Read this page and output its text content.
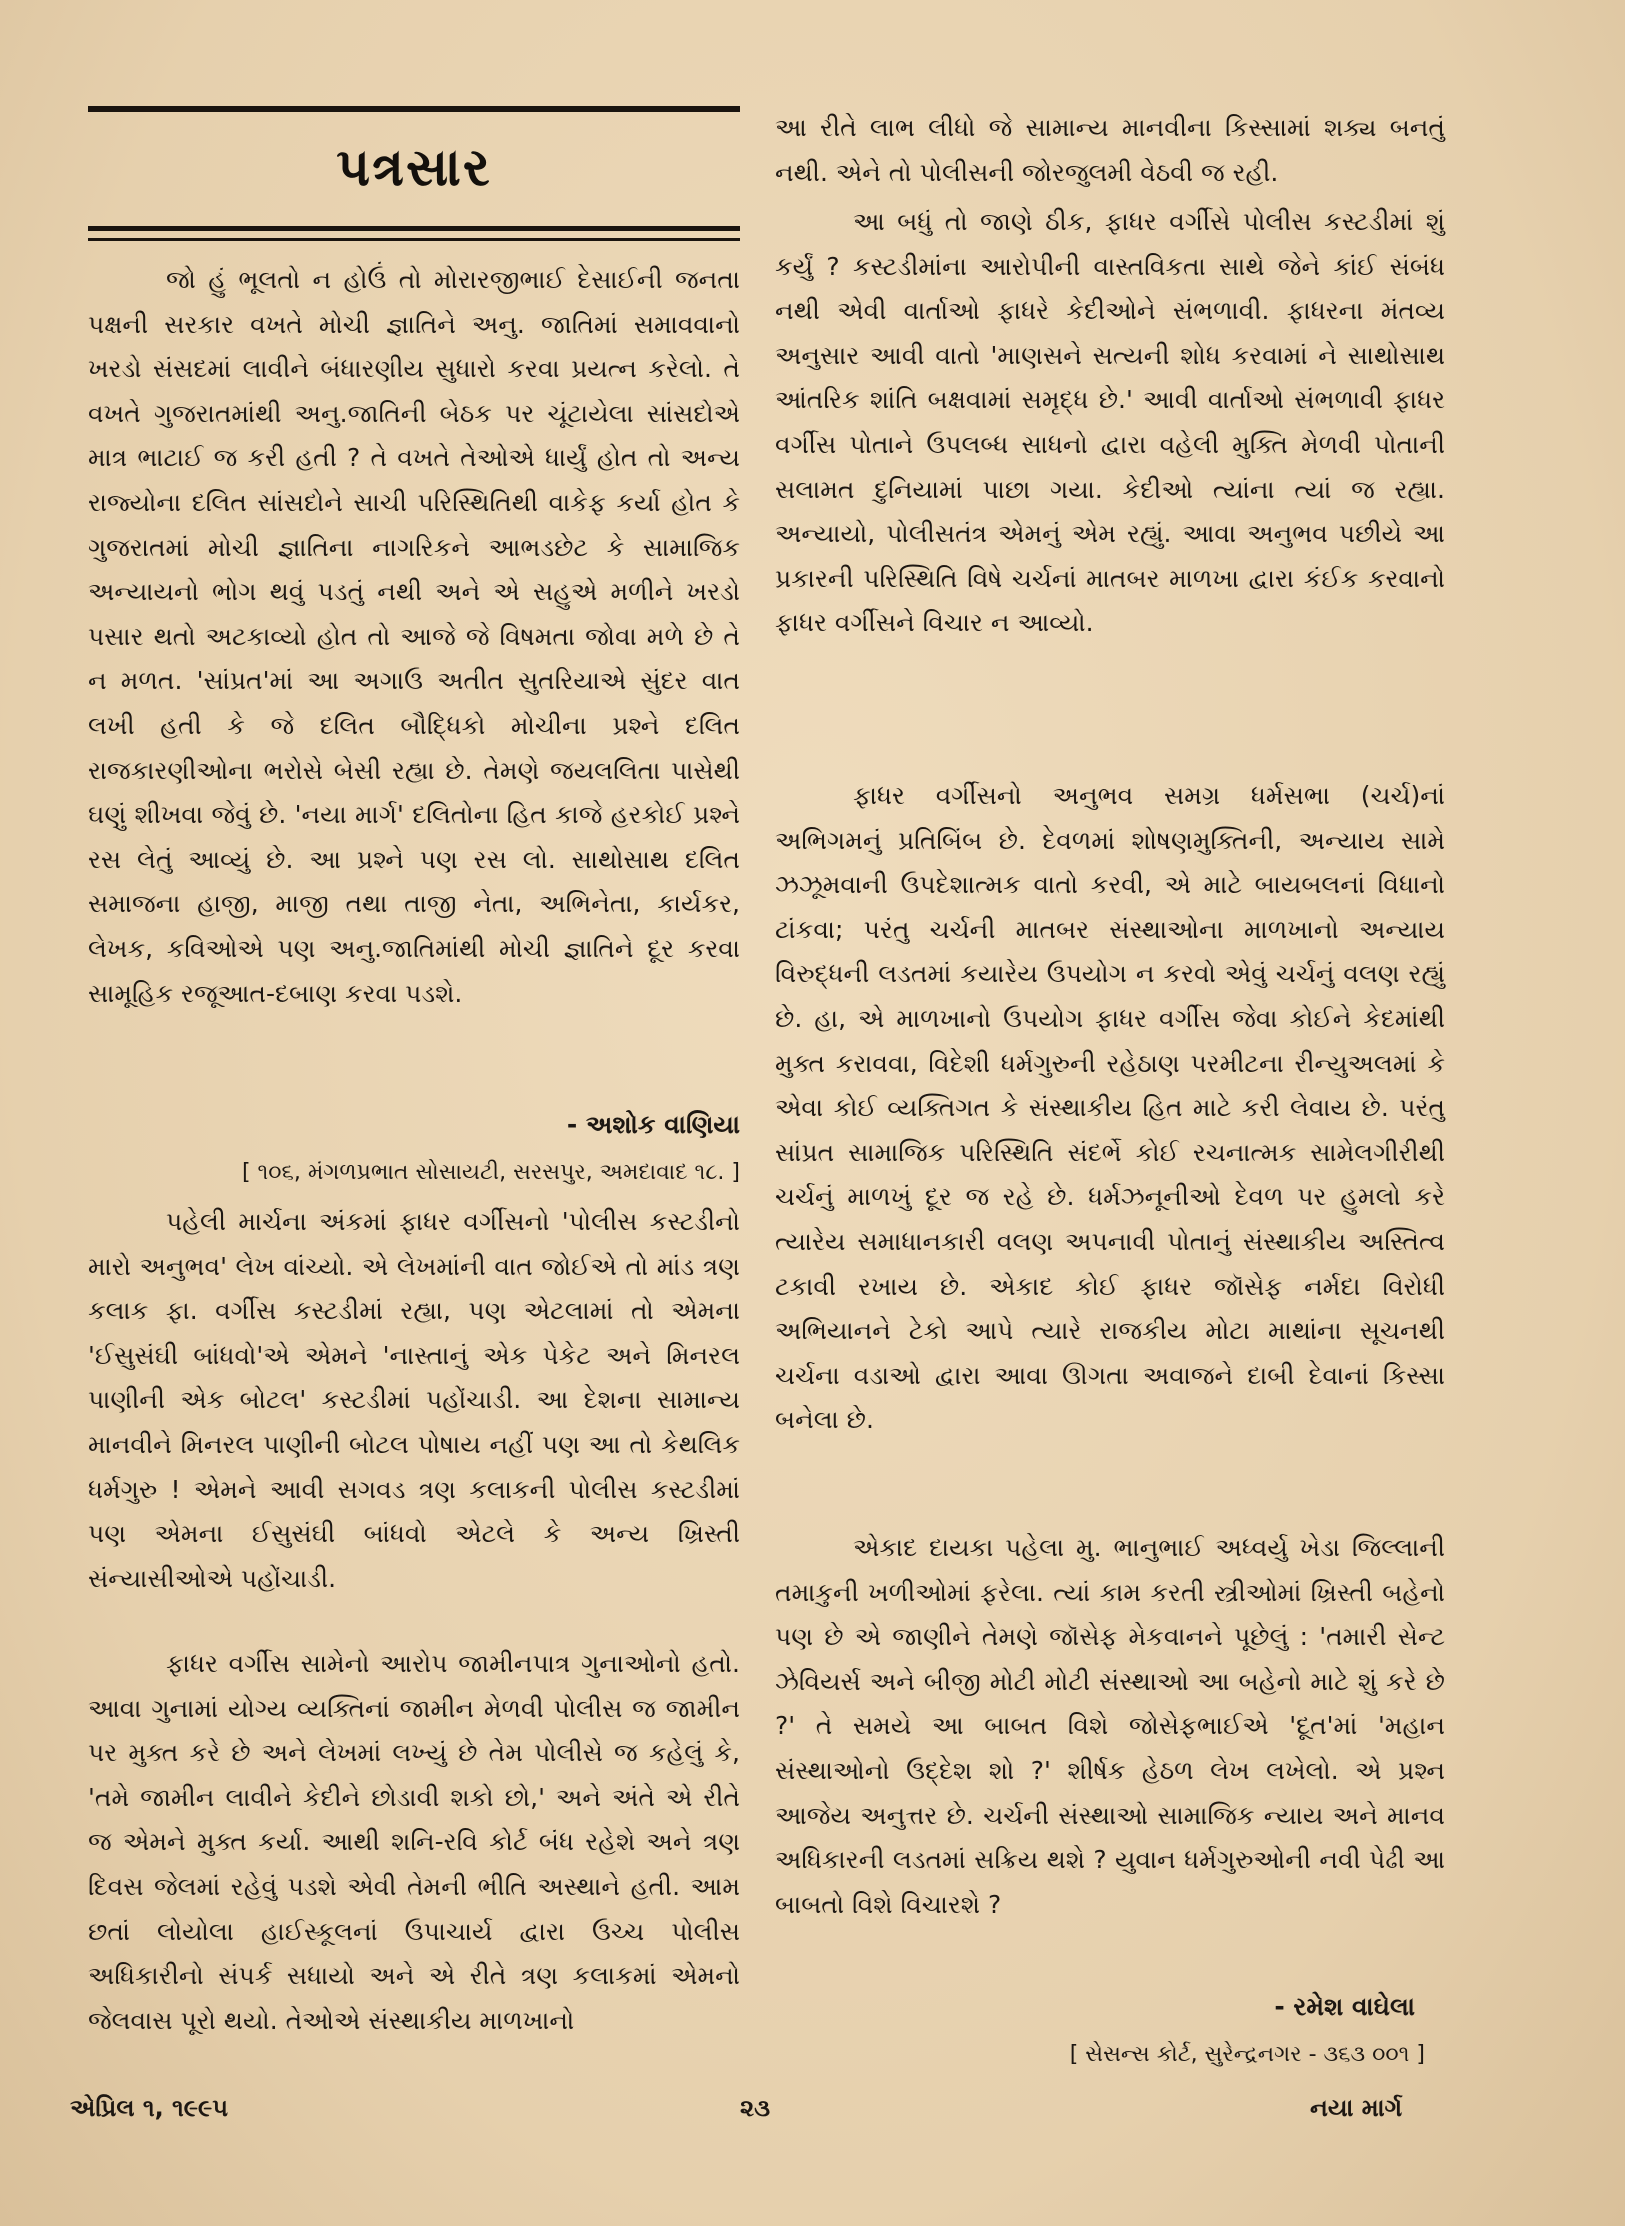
પત્રસાર

જો હું ભૂલતો ન હોઉં તો મોરારજીભાઈ દેસાઈની જનતા પક્ષની સરકાર વખતે મોચી જ્ઞાતિને અનુ. જાતિમાં સમાવવાનો ખરડો સંસદમાં લાવીને બંધારણીય સુધારો કરવા પ્રયત્ન કરેલો. તે વખતે ગુજરાતમાંથી અનુ.જાતિની બેઠક પર ચૂંટાયેલા સાંસદોએ માત્ર ભાટાઈ જ કરી હતી ? તે વખતે તેઓએ ધાર્યું હોત તો અન્ય રાજ્યોના દલિત સાંસદોને સાચી પરિસ્થિતિથી વાકેફ કર્યા હોત કે ગુજરાતમાં મોચી જ્ઞાતિના નાગરિકને આભડછેટ કે સામાજિક અન્યાયનો ભોગ થવું પડતું નથી અને એ સહુએ મળીને ખરડો પસાર થતો અટકાવ્યો હોત તો આજે જે વિષમતા જોવા મળે છે તે ન મળત. 'સાંપ્રત'માં આ અગાઉ અતીત સુતરિયાએ સુંદર વાત લખી હતી કે જે દલિત બૌદ્ધિકો મોચીના પ્રશ્ને દલિત રાજકારણીઓના ભરોસે બેસી રહ્યા છે. તેમણે જયલલિતા પાસેથી ઘણું શીખવા જેવું છે. 'નયા માર્ગ' દલિતોના હિત કાજે હરકોઈ પ્રશ્ને રસ લેતું આવ્યું છે. આ પ્રશ્ને પણ રસ લો. સાથોસાથ દલિત સમાજના હાજી, માજી તથા તાજી નેતા, અભિનેતા, કાર્યકર, લેખક, કવિઓએ પણ અનુ.જાતિમાંથી મોચી જ્ઞાતિને દૂર કરવા સામૂહિક રજૂઆત-દબાણ કરવા પડશે.

- અશોક વાણિયા

[ ૧૦૬, મંગળપ્રભાત સોસાયટી, સરસપુર, અમદાવાદ ૧૮. ]

પહેલી માર્ચના અંકમાં ફાધર વર્ગીસનો 'પોલીસ કસ્ટડીનો મારો અનુભવ' લેખ વાંચ્યો. એ લેખમાંની વાત જોઈએ તો માંડ ત્રણ કલાક ફા. વર્ગીસ કસ્ટડીમાં રહ્યા, પણ એટલામાં તો એમના 'ઈસુસંઘી બાંધવો'એ એમને 'નાસ્તાનું એક પેકેટ અને મિનરલ પાણીની એક બોટલ' કસ્ટડીમાં પહોંચાડી. આ દેશના સામાન્ય માનવીને મિનરલ પાણીની બોટલ પોષાય નહીં પણ આ તો કેથલિક ધર્મગુરુ ! એમને આવી સગવડ ત્રણ કલાકની પોલીસ કસ્ટડીમાં પણ એમના ઈસુસંઘી બાંધવો એટલે કે અન્ય ખ્રિસ્તી સંન્યાસીઓએ પહોંચાડી.

ફાધર વર્ગીસ સામેનો આરોપ જામીનપાત્ર ગુનાઓનો હતો. આવા ગુનામાં યોગ્ય વ્યક્તિનાં જામીન મેળવી પોલીસ જ જામીન પર મુક્ત કરે છે અને લેખમાં લખ્યું છે તેમ પોલીસે જ કહેલું કે, 'તમે જામીન લાવીને કેદીને છોડાવી શકો છો,' અને અંતે એ રીતે જ એમને મુક્ત કર્યા. આથી શનિ-રવિ કોર્ટ બંધ રહેશે અને ત્રણ દિવસ જેલમાં રહેવું પડશે એવી તેમની ભીતિ અસ્થાને હતી. આમ છતાં લોયોલા હાઈસ્કૂલનાં ઉપાચાર્ય દ્વારા ઉચ્ચ પોલીસ અધિકારીનો સંપર્ક સધાયો અને એ રીતે ત્રણ કલાકમાં એમનો જેલવાસ પૂરો થયો. તેઓએ સંસ્થાકીય માળખાનો

આ રીતે લાભ લીધો જે સામાન્ય માનવીના કિસ્સામાં શક્ય બનતું નથી. એને તો પોલીસની જોરજુલમી વેઠવી જ રહી.

આ બધું તો જાણે ઠીક, ફાધર વર્ગીસે પોલીસ કસ્ટડીમાં શું કર્યું ? કસ્ટડીમાંના આરોપીની વાસ્તવિકતા સાથે જેને કાંઈ સંબંધ નથી એવી વાર્તાઓ ફાધરે કેદીઓને સંભળાવી. ફાધરના મંતવ્ય અનુસાર આવી વાતો 'માણસને સત્યની શોધ કરવામાં ને સાથોસાથ આંતરિક શાંતિ બક્ષવામાં સમૃદ્ધ છે.' આવી વાર્તાઓ સંભળાવી ફાધર વર્ગીસ પોતાને ઉપલબ્ધ સાધનો દ્વારા વહેલી મુક્તિ મેળવી પોતાની સલામત દુનિયામાં પાછા ગયા. કેદીઓ ત્યાંના ત્યાં જ રહ્યા. અન્યાયો, પોલીસતંત્ર એમનું એમ રહ્યું. આવા અનુભવ પછીયે આ પ્રકારની પરિસ્થિતિ વિષે ચર્ચનાં માતબર માળખા દ્વારા કંઈક કરવાનો ફાધર વર્ગીસને વિચાર ન આવ્યો.

ફાધર વર્ગીસનો અનુભવ સમગ્ર ધર્મસભા (ચર્ચ)નાં અભિગમનું પ્રતિબિંબ છે. દેવળમાં શોષણમુક્તિની, અન્યાય સામે ઝઝૂમવાની ઉપદેશાત્મક વાતો કરવી, એ માટે બાયબલનાં વિધાનો ટાંકવા; પરંતુ ચર્ચની માતબર સંસ્થાઓના માળખાનો અન્યાય વિરુદ્ધની લડતમાં કયારેય ઉપયોગ ન કરવો એવું ચર્ચનું વલણ રહ્યું છે. હા, એ માળખાનો ઉપયોગ ફાધર વર્ગીસ જેવા કોઈને કેદમાંથી મુક્ત કરાવવા, વિદેશી ધર્મગુરુની રહેઠાણ પરમીટના રીન્યુઅલમાં કે એવા કોઈ વ્યક્તિગત કે સંસ્થાકીય હિત માટે કરી લેવાય છે. પરંતુ સાંપ્રત સામાજિક પરિસ્થિતિ સંદર્ભે કોઈ રચનાત્મક સામેલગીરીથી ચર્ચનું માળખું દૂર જ રહે છે. ધર્મઝનૂનીઓ દેવળ પર હુમલો કરે ત્યારેય સમાધાનકારી વલણ અપનાવી પોતાનું સંસ્થાકીય અસ્તિત્વ ટકાવી રખાય છે. એકાદ કોઈ ફાધર જૉસેફ નર્મદા વિરોધી અભિયાનને ટેકો આપે ત્યારે રાજકીય મોટા માથાંના સૂચનથી ચર્ચના વડાઓ દ્વારા આવા ઊગતા અવાજને દાબી દેવાનાં કિસ્સા બનેલા છે.

એકાદ દાયકા પહેલા મુ. ભાનુભાઈ અધ્વર્યુ ખેડા જિલ્લાની તમાકુની ખળીઓમાં ફરેલા. ત્યાં કામ કરતી સ્ત્રીઓમાં ખ્રિસ્તી બહેનો પણ છે એ જાણીને તેમણે જૉસેફ મેકવાનને પૂછેલું : 'તમારી સેન્ટ ઝેવિયર્સ અને બીજી મોટી મોટી સંસ્થાઓ આ બહેનો માટે શું કરે છે ?' તે સમયે આ બાબત વિશે જોસેફભાઈએ 'દૂત'માં 'મહાન સંસ્થાઓનો ઉદ્દેશ શો ?' શીર્ષક હેઠળ લેખ લખેલો. એ પ્રશ્ન આજેય અનુત્તર છે. ચર્ચની સંસ્થાઓ સામાજિક ન્યાય અને માનવ અધિકારની લડતમાં સક્રિય થશે ? યુવાન ધર્મગુરુઓની નવી પેઢી આ બાબતો વિશે વિચારશે ?

- રમેશ વાઘેલા

[ સેસન્સ કોર્ટ, સુરેન્દ્રનગર - ૩૬૩ ૦૦૧ ]

એપ્રિલ ૧, ૧૯૯૫	૨૩	નયા માર્ગ
